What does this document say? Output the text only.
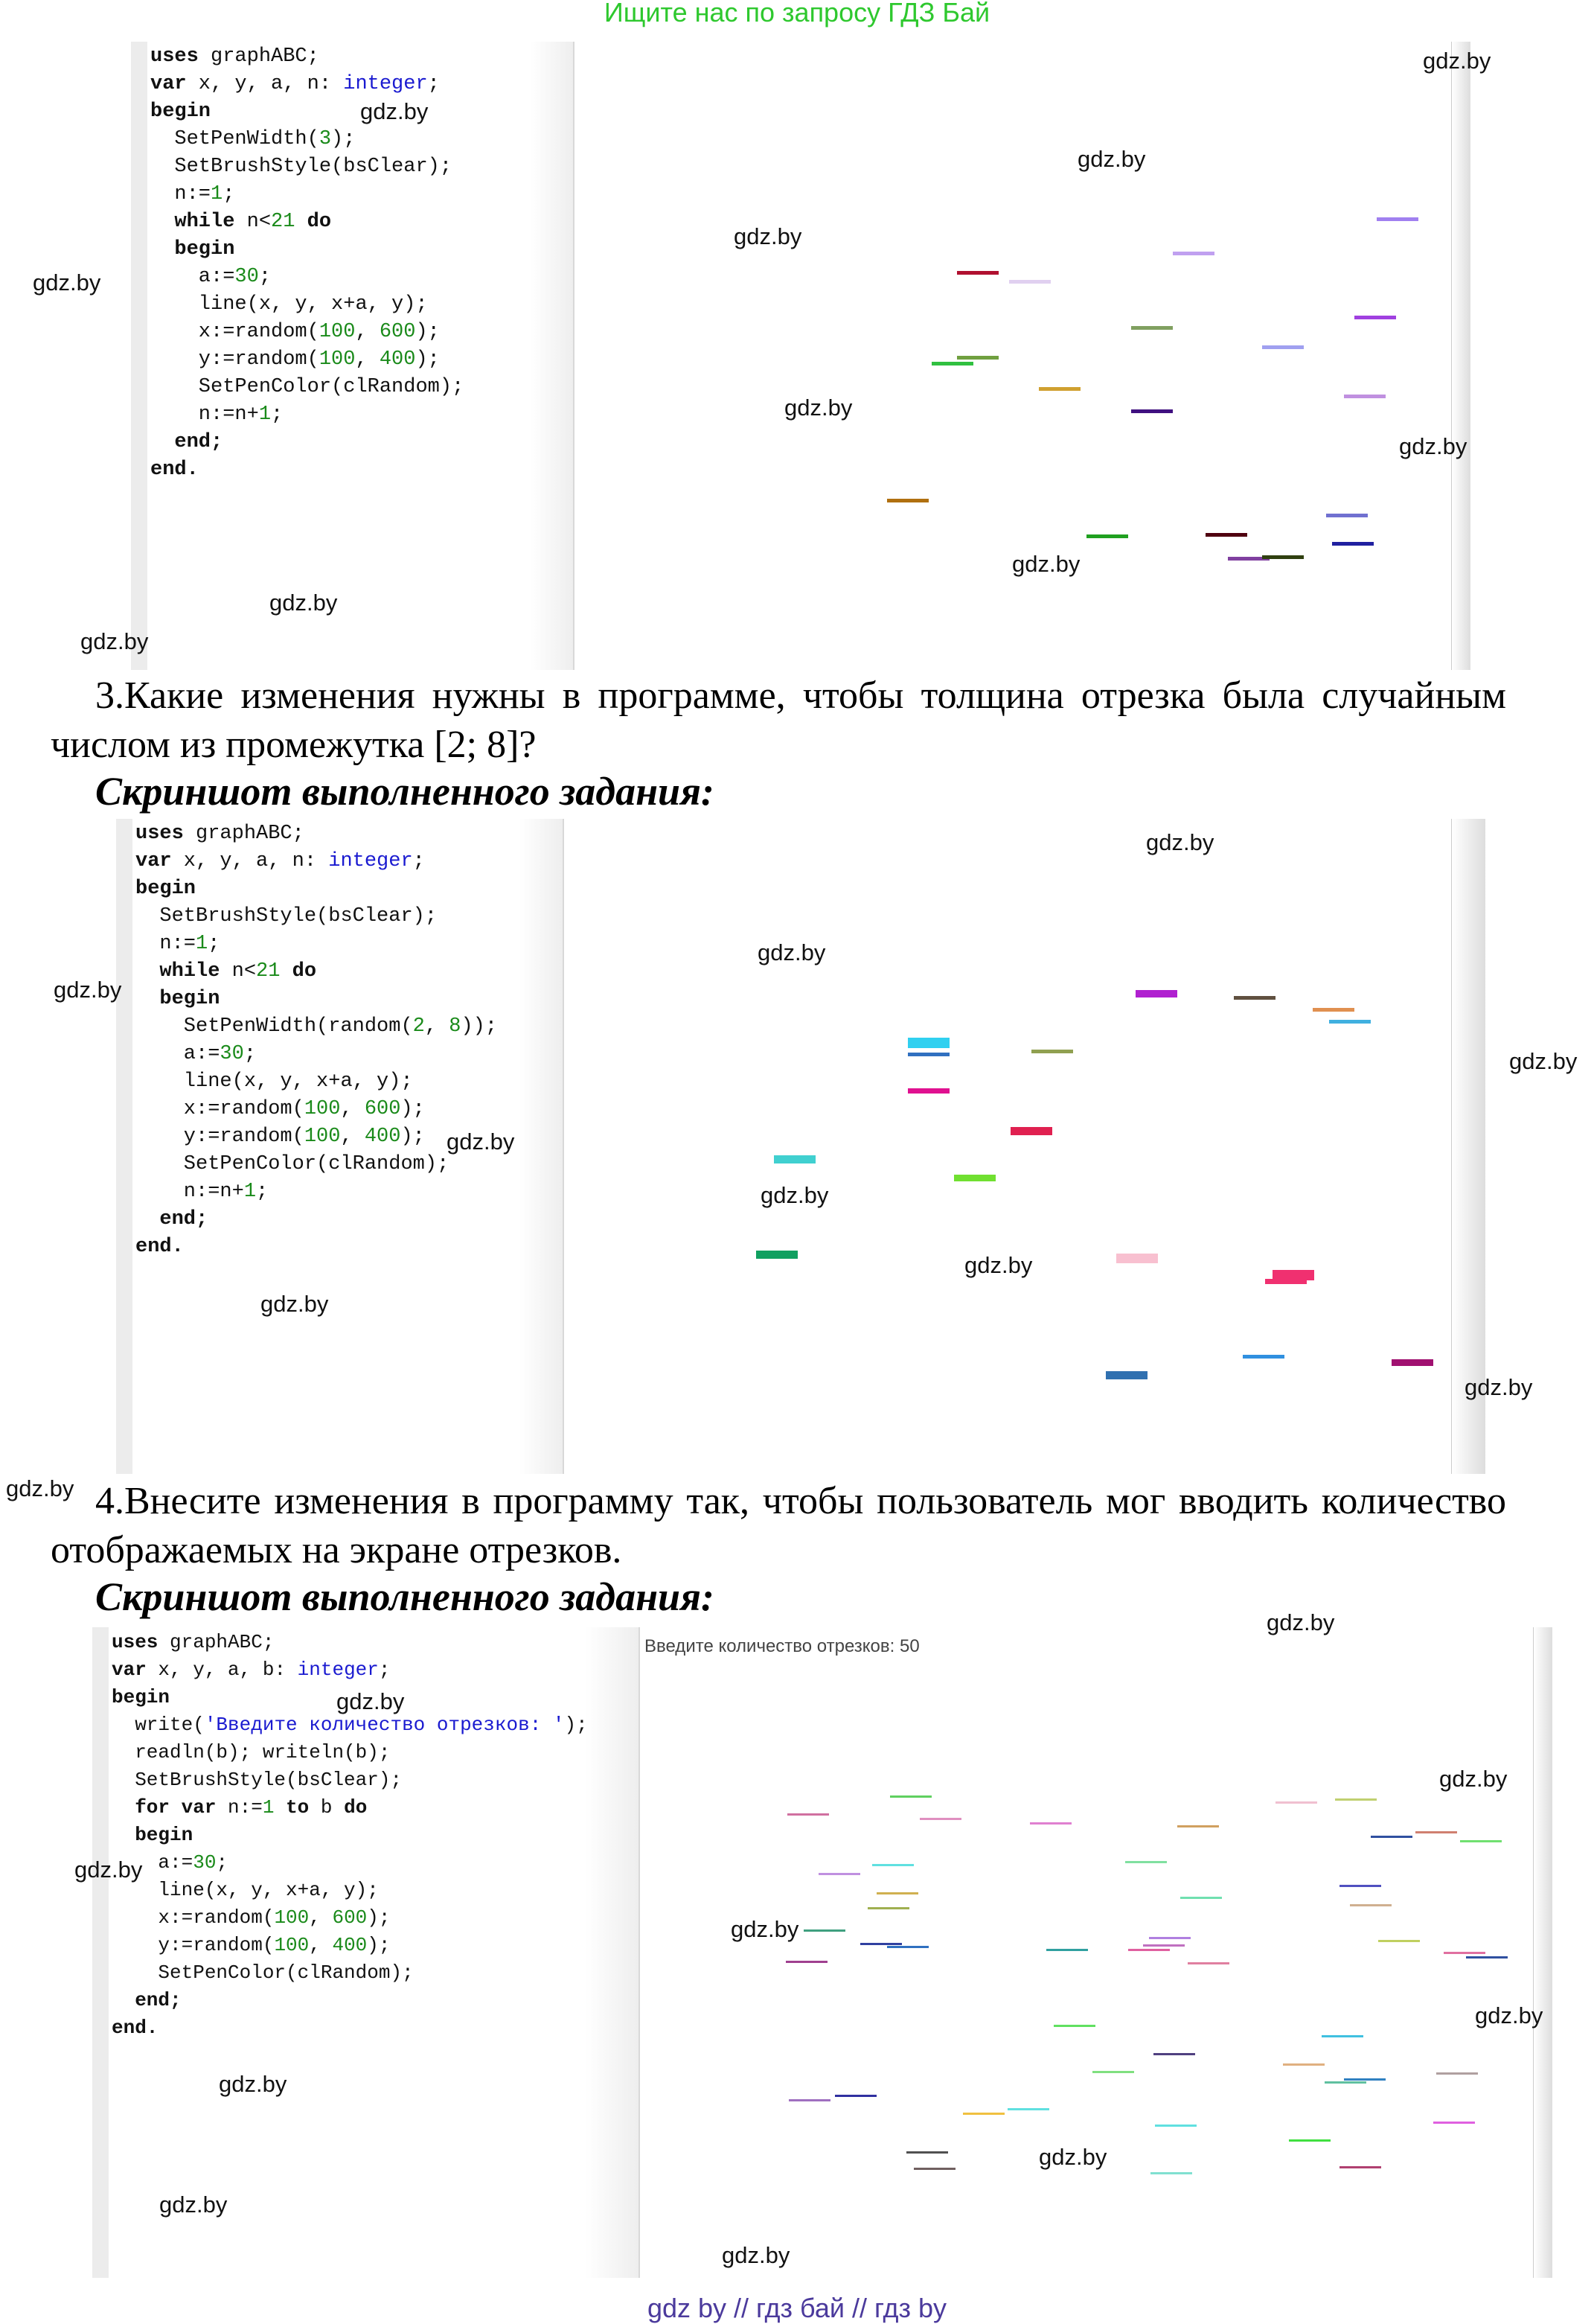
Ищите нас по запросу ГДЗ Бай
uses graphABC;
var x, y, a, n: integer;
begin
SetPenWidth(3);
SetBrushStyle(bsClear);
n:=1;
while n<21 do
begin
a:=30;
line(x, y, x+a, y);
x:=random(100, 600);
y:=random(100, 400);
SetPenColor(clRandom);
n:=n+1;
end;
end.
3.Какие изменения нужны в программе, чтобы толщина отрезка была случайным числом из промежутка [2; 8]?
Скриншот выполненного задания:
uses graphABC;
var x, y, a, n: integer;
begin
SetBrushStyle(bsClear);
n:=1;
while n<21 do
begin
SetPenWidth(random(2, 8));
a:=30;
line(x, y, x+a, y);
x:=random(100, 600);
y:=random(100, 400);
SetPenColor(clRandom);
n:=n+1;
end;
end.
4.Внесите изменения в программу так, чтобы пользователь мог вводить количество отображаемых на экране отрезков.
Скриншот выполненного задания:
uses graphABC;
var x, y, a, b: integer;
begin
write('Введите количество отрезков: ');
readln(b); writeln(b);
SetBrushStyle(bsClear);
for var n:=1 to b do
begin
a:=30;
line(x, y, x+a, y);
x:=random(100, 600);
y:=random(100, 400);
SetPenColor(clRandom);
end;
end.
Введите количество отрезков: 50
gdz by // гдз бай // гдз by
gdz.by
gdz.by
gdz.by
gdz.by
gdz.by
gdz.by
gdz.by
gdz.by
gdz.by
gdz.by
gdz.by
gdz.by
gdz.by
gdz.by
gdz.by
gdz.by
gdz.by
gdz.by
gdz.by
gdz.by
gdz.by
gdz.by
gdz.by
gdz.by
gdz.by
gdz.by
gdz.by
gdz.by
gdz.by
gdz.by
